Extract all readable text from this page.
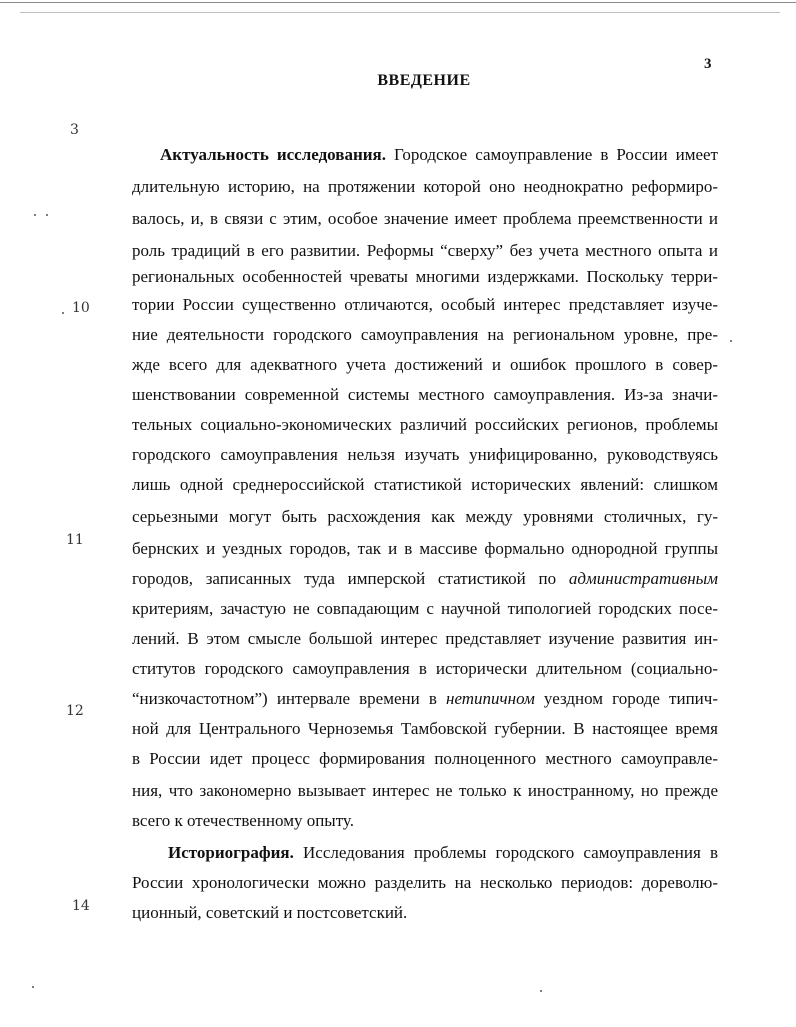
3
ВВЕДЕНИЕ
Актуальность исследования. Городское самоуправление в России имеет
длительную историю, на протяжении которой оно неоднократно реформиро-
валось, и, в связи с этим, особое значение имеет проблема преемственности и
роль традиций в его развитии. Реформы “сверху” без учета местного опыта и
региональных особенностей чреваты многими издержками. Поскольку терри-
тории России существенно отличаются, особый интерес представляет изуче-
ние деятельности городского самоуправления на региональном уровне, пре-
жде всего для адекватного учета достижений и ошибок прошлого в совер-
шенствовании современной системы местного самоуправления. Из-за значи-
тельных социально-экономических различий российских регионов, проблемы
городского самоуправления нельзя изучать унифицированно, руководствуясь
лишь одной среднероссийской статистикой исторических явлений: слишком
серьезными могут быть расхождения как между уровнями столичных, гу-
бернских и уездных городов, так и в массиве формально однородной группы
городов, записанных туда имперской статистикой по административным
критериям, зачастую не совпадающим с научной типологией городских посе-
лений. В этом смысле большой интерес представляет изучение развития ин-
ститутов городского самоуправления в исторически длительном (социально-
“низкочастотном”) интервале времени в нетипичном уездном городе типич-
ной для Центрального Черноземья Тамбовской губернии. В настоящее время
в России идет процесс формирования полноценного местного самоуправле-
ния, что закономерно вызывает интерес не только к иностранному, но прежде
всего к отечественному опыту.
Историография. Исследования проблемы городского самоуправления в
России хронологически можно разделить на несколько периодов: дореволю-
ционный, советский и постсоветский.
3
10
11
12
14
